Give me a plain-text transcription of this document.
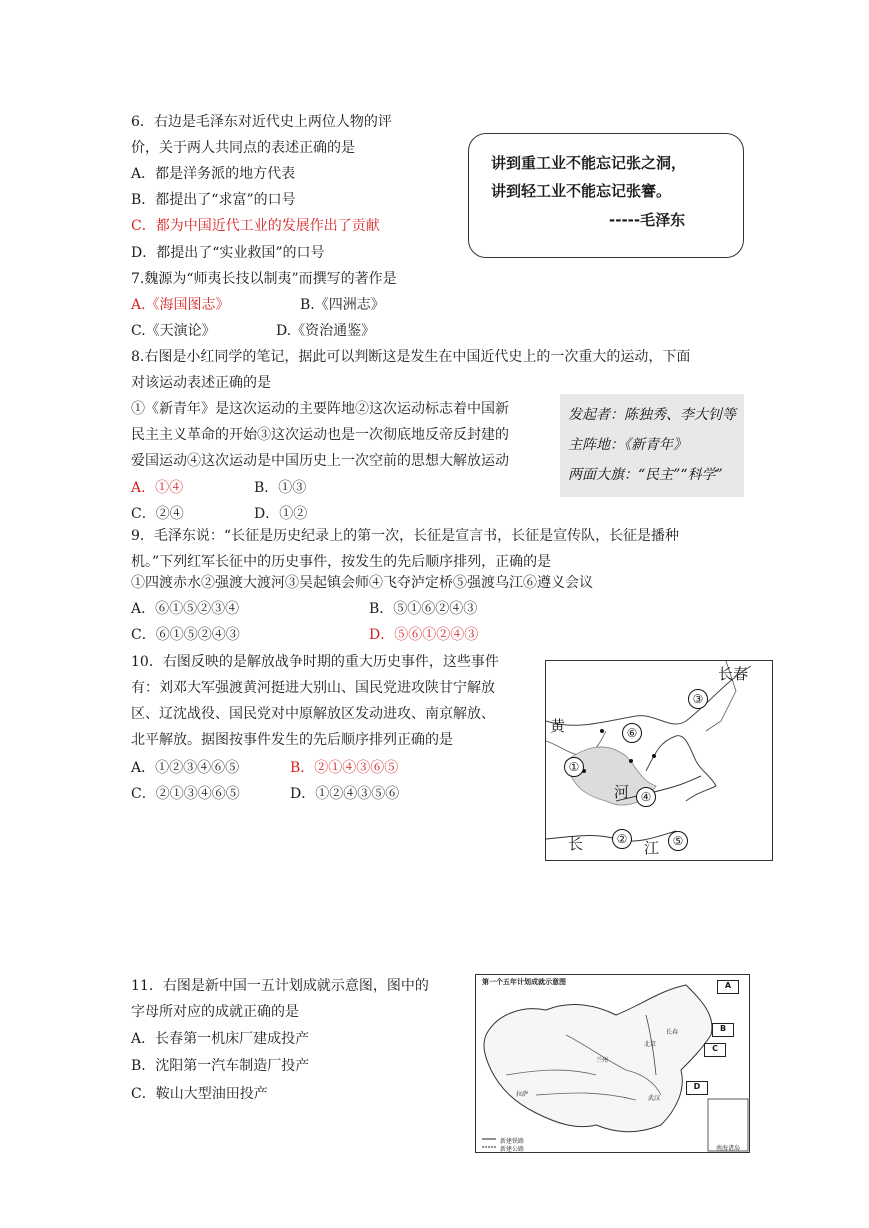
6．右边是毛泽东对近代史上两位人物的评
价，关于两人共同点的表述正确的是
A．都是洋务派的地方代表
B．都提出了“求富”的口号
C．都为中国近代工业的发展作出了贡献
D．都提出了“实业救国”的口号
讲到重工业不能忘记张之洞，
讲到轻工业不能忘记张謇。
-----毛泽东
7.魏源为“师夷长技以制夷”而撰写的著作是
A.《海国图志》	B.《四洲志》
C.《天演论》	D.《资治通鉴》
8.右图是小红同学的笔记，据此可以判断这是发生在中国近代史上的一次重大的运动，下面
对该运动表述正确的是
①《新青年》是这次运动的主要阵地②这次运动标志着中国新
民主主义革命的开始③这次运动也是一次彻底地反帝反封建的
爱国运动④这次运动是中国历史上一次空前的思想大解放运动
A．①④	B．①③
C．②④	D．①②
发起者：陈独秀、李大钊等
主阵地：《新青年》
两面大旗：“民主”“科学”
9．毛泽东说：“长征是历史纪录上的第一次，长征是宣言书，长征是宣传队，长征是播种
机。”下列红军长征中的历史事件，按发生的先后顺序排列，正确的是
①四渡赤水②强渡大渡河③吴起镇会师④飞夺泸定桥⑤强渡乌江⑥遵义会议
A．⑥①⑤②③④	B．⑤①⑥②④③
C．⑥①⑤②④③	D．⑤⑥①②④③
10．右图反映的是解放战争时期的重大历史事件，这些事件
有：刘邓大军强渡黄河挺进大别山、国民党进攻陕甘宁解放
区、辽沈战役、国民党对中原解放区发动进攻、南京解放、
北平解放。据图按事件发生的先后顺序排列正确的是
A．①②③④⑥⑤	B．②①④③⑥⑤
C．②①③④⑥⑤	D．①②④③⑤⑥
长春
黄
河
长	江
①
②
③
④
⑤
⑥
11．右图是新中国一五计划成就示意图，图中的
字母所对应的成就正确的是
A．长春第一机床厂建成投产
B．沈阳第一汽车制造厂投产
C．鞍山大型油田投产
第一个五年计划成就示意图	A
B
C
D
长春
北京
武汉
兰州
拉萨
新建铁路
新建公路	南海诸岛
